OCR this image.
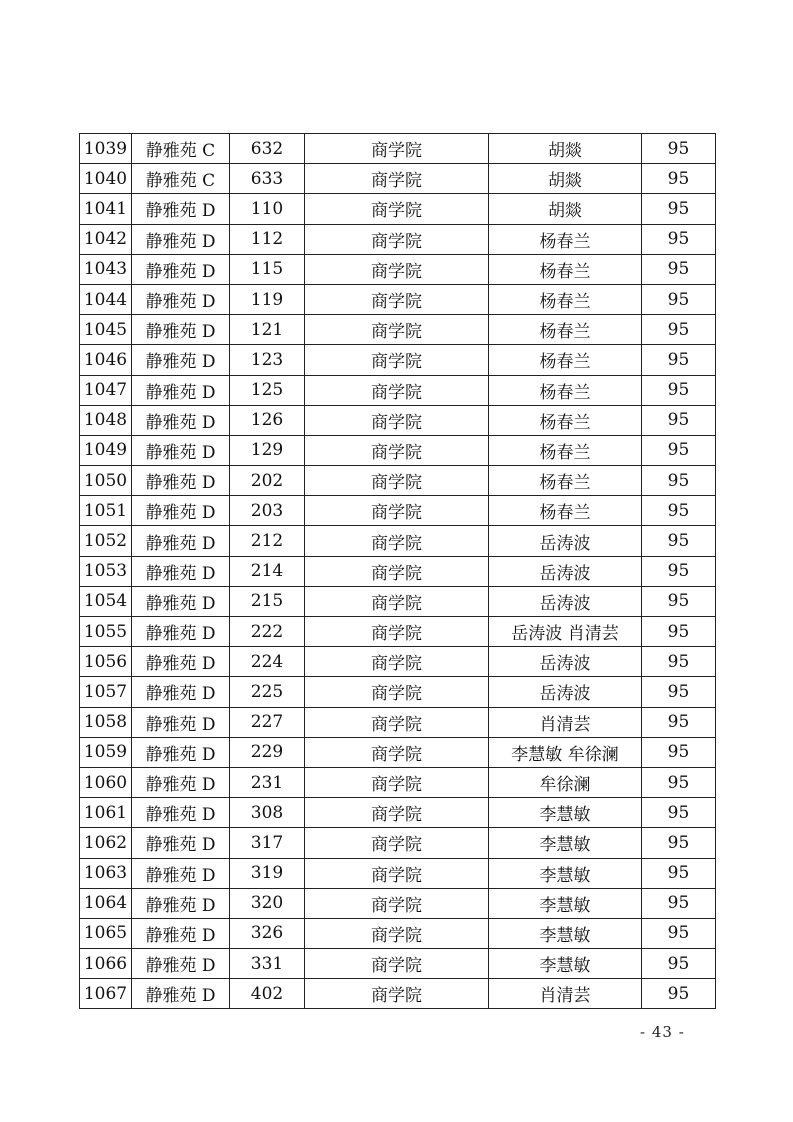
1039	静雅苑 C	632	商学院	胡燚	95
1040	静雅苑 C	633	商学院	胡燚	95
1041	静雅苑 D	110	商学院	胡燚	95
1042	静雅苑 D	112	商学院	杨春兰	95
1043	静雅苑 D	115	商学院	杨春兰	95
1044	静雅苑 D	119	商学院	杨春兰	95
1045	静雅苑 D	121	商学院	杨春兰	95
1046	静雅苑 D	123	商学院	杨春兰	95
1047	静雅苑 D	125	商学院	杨春兰	95
1048	静雅苑 D	126	商学院	杨春兰	95
1049	静雅苑 D	129	商学院	杨春兰	95
1050	静雅苑 D	202	商学院	杨春兰	95
1051	静雅苑 D	203	商学院	杨春兰	95
1052	静雅苑 D	212	商学院	岳涛波	95
1053	静雅苑 D	214	商学院	岳涛波	95
1054	静雅苑 D	215	商学院	岳涛波	95
1055	静雅苑 D	222	商学院	岳涛波 肖清芸	95
1056	静雅苑 D	224	商学院	岳涛波	95
1057	静雅苑 D	225	商学院	岳涛波	95
1058	静雅苑 D	227	商学院	肖清芸	95
1059	静雅苑 D	229	商学院	李慧敏 牟徐澜	95
1060	静雅苑 D	231	商学院	牟徐澜	95
1061	静雅苑 D	308	商学院	李慧敏	95
1062	静雅苑 D	317	商学院	李慧敏	95
1063	静雅苑 D	319	商学院	李慧敏	95
1064	静雅苑 D	320	商学院	李慧敏	95
1065	静雅苑 D	326	商学院	李慧敏	95
1066	静雅苑 D	331	商学院	李慧敏	95
1067	静雅苑 D	402	商学院	肖清芸	95
- 43 -
